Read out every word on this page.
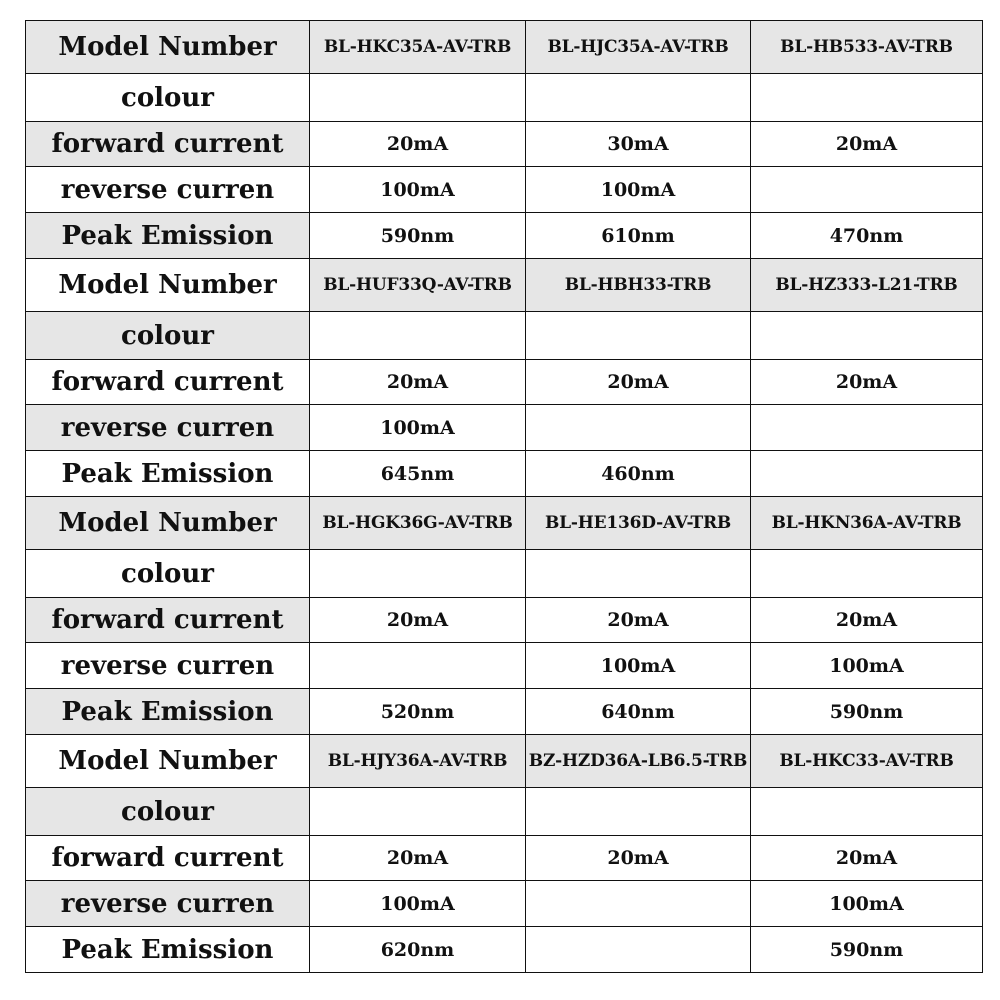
Model Number	BL-HKC35A-AV-TRB	BL-HJC35A-AV-TRB	BL-HB533-AV-TRB
colour			
forward current	20mA	30mA	20mA
reverse curren	100mA	100mA	
Peak Emission	590nm	610nm	470nm
Model Number	BL-HUF33Q-AV-TRB	BL-HBH33-TRB	BL-HZ333-L21-TRB
colour			
forward current	20mA	20mA	20mA
reverse curren	100mA		
Peak Emission	645nm	460nm	
Model Number	BL-HGK36G-AV-TRB	BL-HE136D-AV-TRB	BL-HKN36A-AV-TRB
colour			
forward current	20mA	20mA	20mA
reverse curren		100mA	100mA
Peak Emission	520nm	640nm	590nm
Model Number	BL-HJY36A-AV-TRB	BZ-HZD36A-LB6.5-TRB	BL-HKC33-AV-TRB
colour			
forward current	20mA	20mA	20mA
reverse curren	100mA		100mA
Peak Emission	620nm		590nm
